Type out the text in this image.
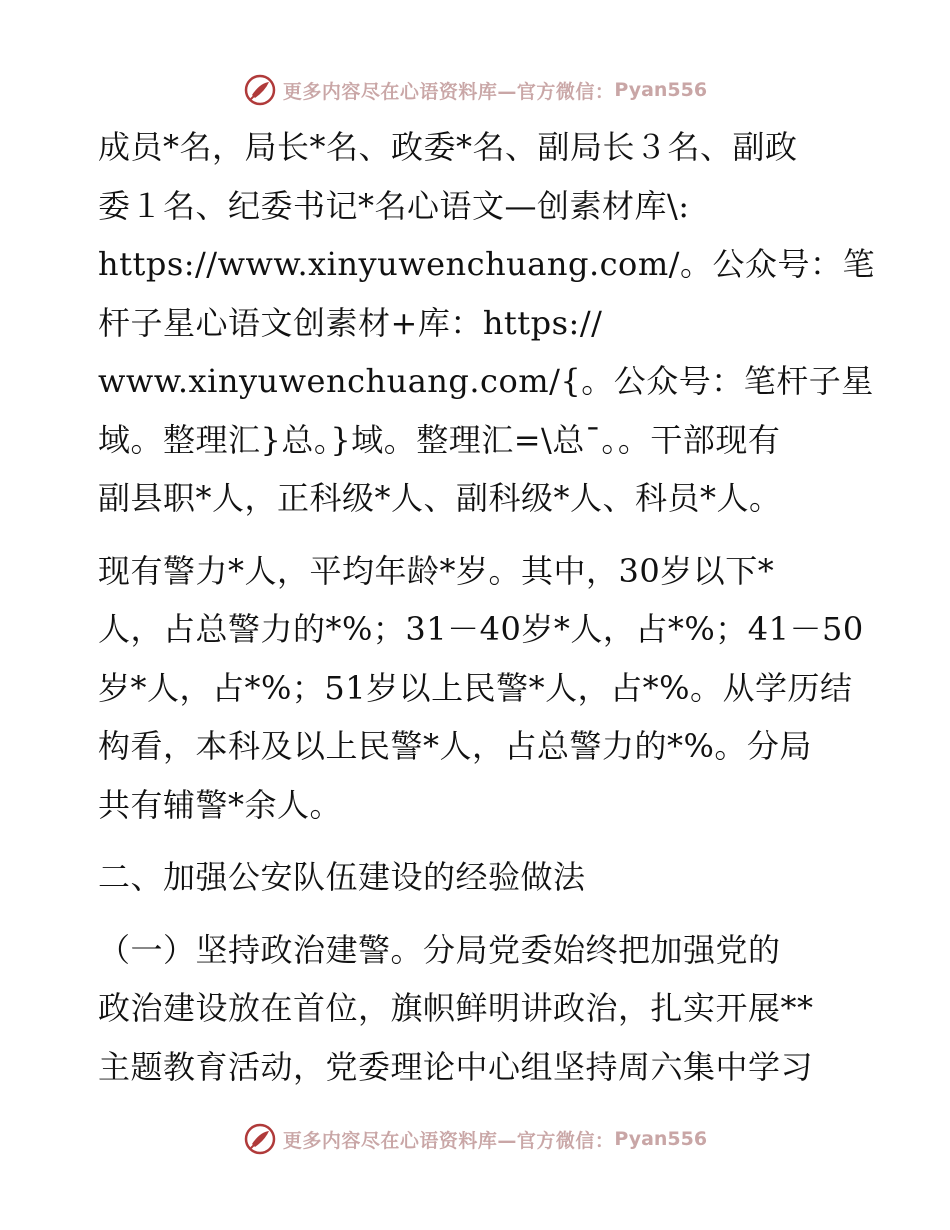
更多内容尽在心语资料库—官方微信： Pyan556
成员*名，局长*名、政委*名、副局长３名、副政
委１名、纪委书记*名心语文—创素材库\:
https://www.xinyuwenchuang.com/。公众号：笔
杆子星心语文创素材+库：https://
www.xinyuwenchuang.com/{。公众号：笔杆子星
域。整理汇}总。}域。整理汇=\总¯。。干部现有
副县职*人，正科级*人、副科级*人、科员*人。
现有警力*人，平均年龄*岁。其中，30岁以下*
人，占总警力的*%；31－40岁*人，占*%；41－50
岁*人，占*%；51岁以上民警*人，占*%。从学历结
构看，本科及以上民警*人，占总警力的*%。分局
共有辅警*余人。
二、加强公安队伍建设的经验做法
（一）坚持政治建警。分局党委始终把加强党的
政治建设放在首位，旗帜鲜明讲政治，扎实开展**
主题教育活动，党委理论中心组坚持周六集中学习
更多内容尽在心语资料库—官方微信： Pyan556
